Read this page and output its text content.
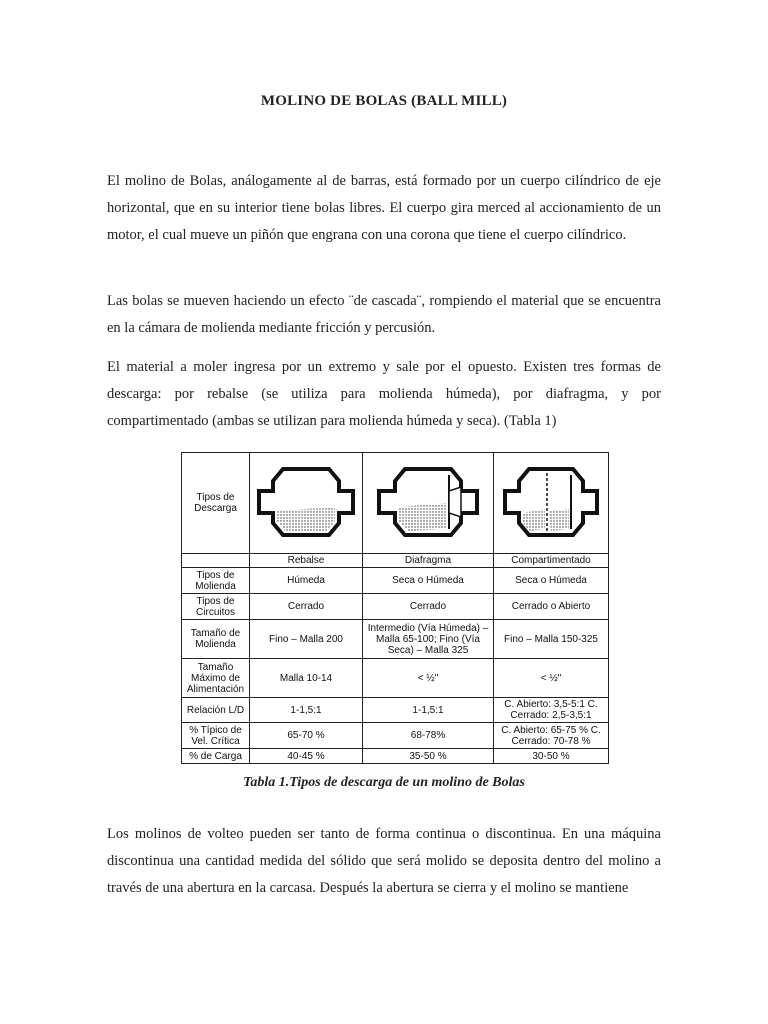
MOLINO DE BOLAS (BALL MILL)

El molino de Bolas, análogamente al de barras, está formado por un cuerpo cilíndrico de eje horizontal, que en su interior tiene bolas libres. El cuerpo gira merced al accionamiento de un motor, el cual mueve un piñón que engrana con una corona que tiene el cuerpo cilíndrico.

Las bolas se mueven haciendo un efecto ¨de cascada¨, rompiendo el material que se encuentra en la cámara de molienda mediante fricción y percusión.

El material a moler ingresa por un extremo y sale por el opuesto. Existen tres formas de descarga: por rebalse (se utiliza para molienda húmeda), por diafragma, y por compartimentado (ambas se utilizan para molienda húmeda y seca). (Tabla 1)

Tipos de Descarga	

	Rebalse	Diafragma	Compartimentado
Tipos de Molienda	Húmeda	Seca o Húmeda	Seca o Húmeda
Tipos de Circuitos	Cerrado	Cerrado	Cerrado o Abierto
Tamaño de Molienda	Fino – Malla 200	Intermedio (Vía Húmeda) – Malla 65-100; Fino (Vía Seca) – Malla 325	Fino – Malla 150-325
Tamaño Máximo de Alimentación	Malla 10-14	< ½"	< ½"
Relación L/D	1-1,5:1	1-1,5:1	C. Abierto: 3,5-5:1 C. Cerrado: 2,5-3,5:1
% Típico de Vel. Crítica	65-70 %	68-78%	C. Abierto: 65-75 % C. Cerrado: 70-78 %
% de Carga	40-45 %	35-50 %	30-50 %
Tabla 1.Tipos de descarga de un molino de Bolas

Los molinos de volteo pueden ser tanto de forma continua o discontinua. En una máquina discontinua una cantidad medida del sólido que será molido se deposita dentro del molino a través de una abertura en la carcasa. Después la abertura se cierra y el molino se mantiene
